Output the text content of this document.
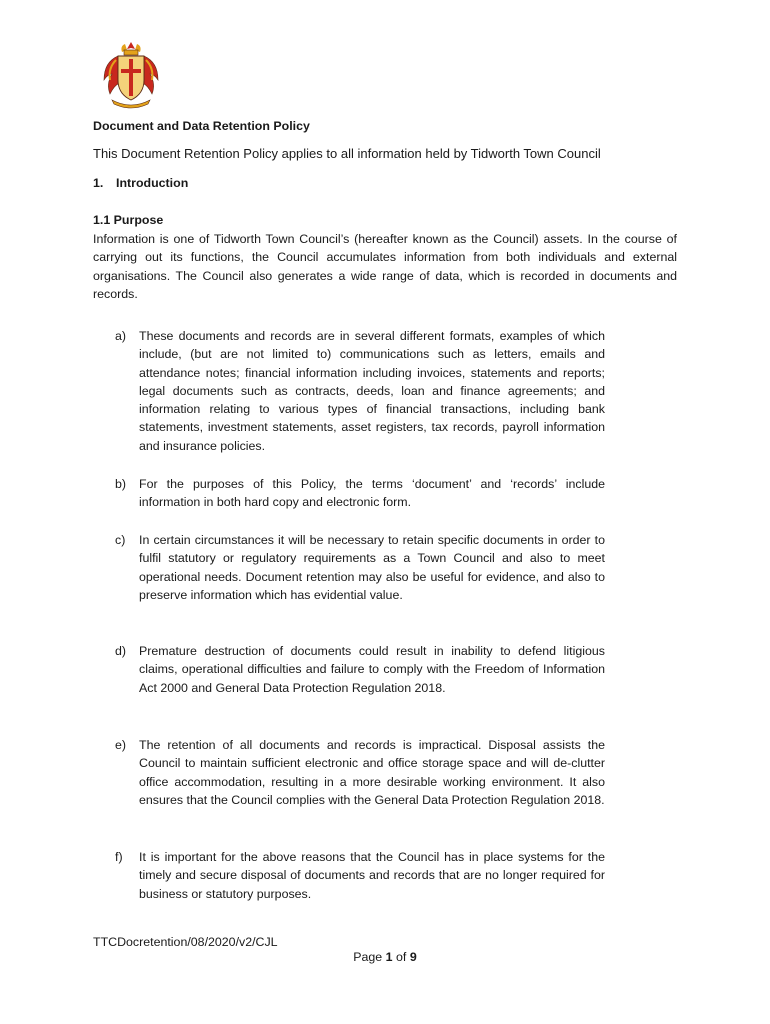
Document and Data Retention Policy
This Document Retention Policy applies to all information held by Tidworth Town Council
1. Introduction
1.1 Purpose

Information is one of Tidworth Town Council’s (hereafter known as the Council) assets. In the course of carrying out its functions, the Council accumulates information from both individuals and external organisations. The Council also generates a wide range of data, which is recorded in documents and records.

a) These documents and records are in several different formats, examples of which include, (but are not limited to) communications such as letters, emails and attendance notes; financial information including invoices, statements and reports; legal documents such as contracts, deeds, loan and finance agreements; and information relating to various types of financial transactions, including bank statements, investment statements, asset registers, tax records, payroll information and insurance policies.

b) For the purposes of this Policy, the terms ‘document’ and ‘records’ include information in both hard copy and electronic form.

c) In certain circumstances it will be necessary to retain specific documents in order to fulfil statutory or regulatory requirements as a Town Council and also to meet operational needs. Document retention may also be useful for evidence, and also to preserve information which has evidential value.

d) Premature destruction of documents could result in inability to defend litigious claims, operational difficulties and failure to comply with the Freedom of Information Act 2000 and General Data Protection Regulation 2018.

e) The retention of all documents and records is impractical. Disposal assists the Council to maintain sufficient electronic and office storage space and will de-clutter office accommodation, resulting in a more desirable working environment. It also ensures that the Council complies with the General Data Protection Regulation 2018.

f) It is important for the above reasons that the Council has in place systems for the timely and secure disposal of documents and records that are no longer required for business or statutory purposes.

TTCDocretention/08/2020/v2/CJL
Page 1 of 9
